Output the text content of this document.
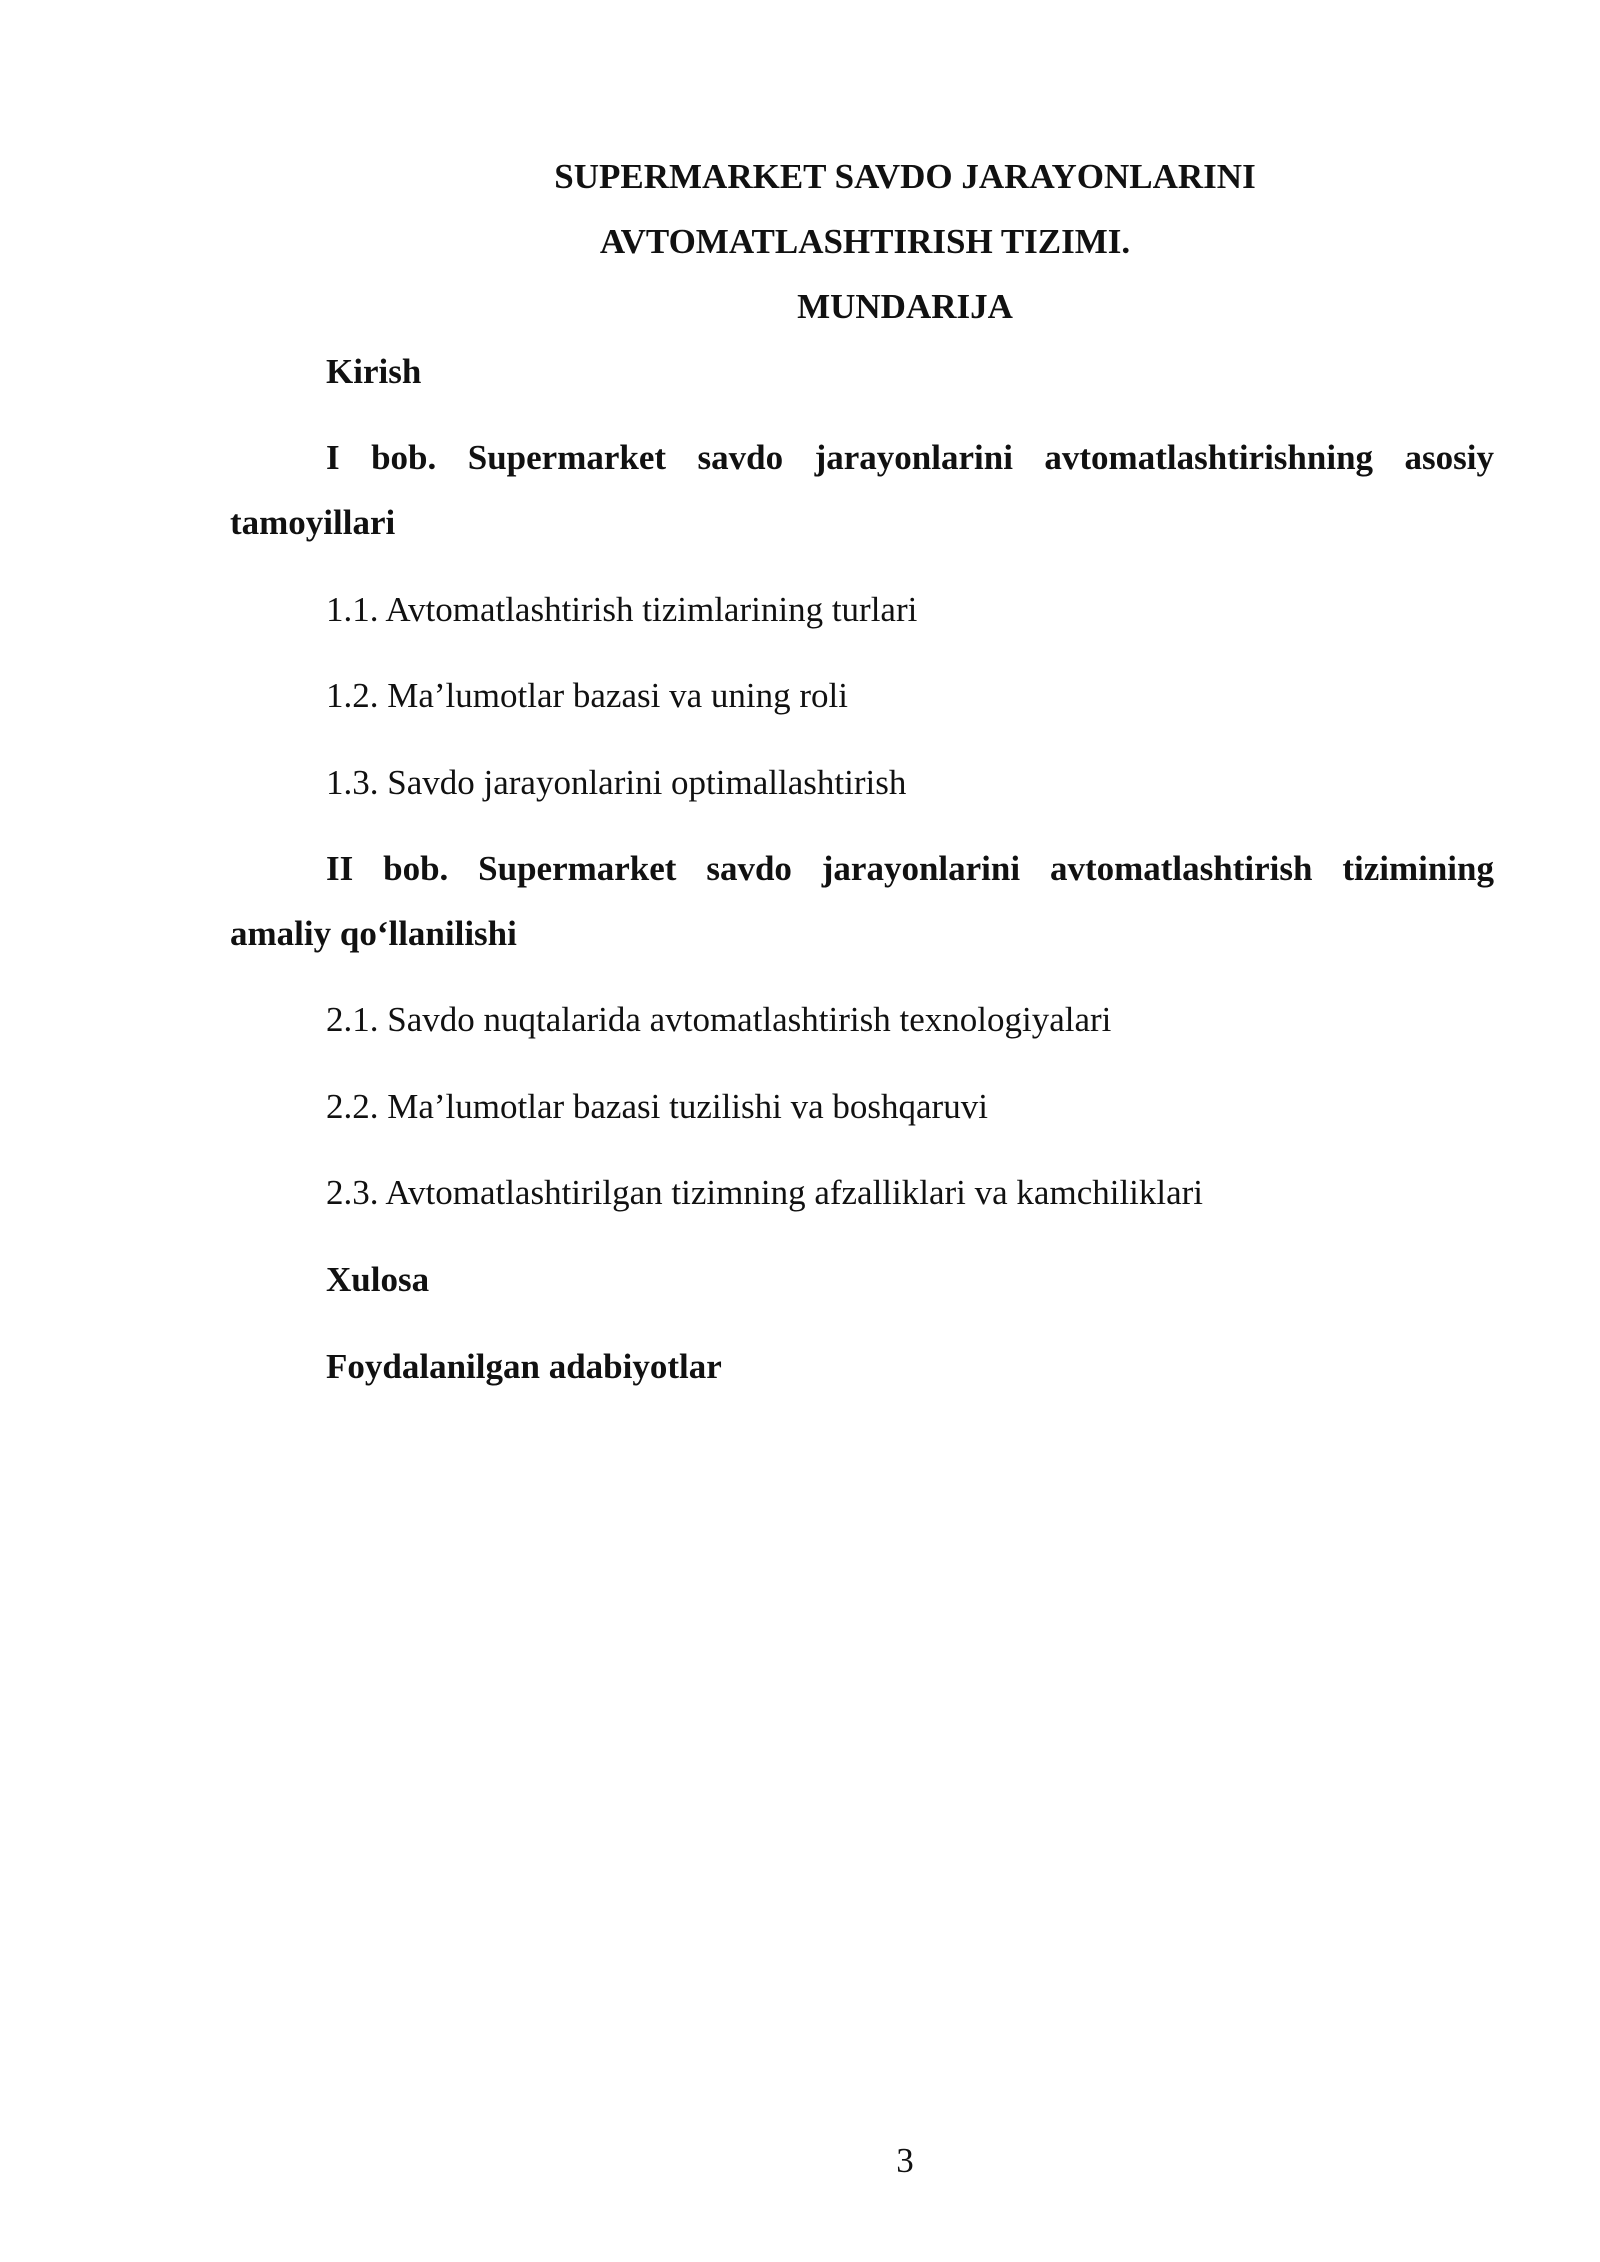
SUPERMARKET SAVDO JARAYONLARINI
AVTOMATLASHTIRISH TIZIMI.
MUNDARIJA
Kirish
I bob. Supermarket savdo jarayonlarini avtomatlashtirishning asosiy
tamoyillari
1.1. Avtomatlashtirish tizimlarining turlari
1.2. Ma’lumotlar bazasi va uning roli
1.3. Savdo jarayonlarini optimallashtirish
II bob. Supermarket savdo jarayonlarini avtomatlashtirish tizimining
amaliy qo‘llanilishi
2.1. Savdo nuqtalarida avtomatlashtirish texnologiyalari
2.2. Ma’lumotlar bazasi tuzilishi va boshqaruvi
2.3. Avtomatlashtirilgan tizimning afzalliklari va kamchiliklari
Xulosa
Foydalanilgan adabiyotlar
3
